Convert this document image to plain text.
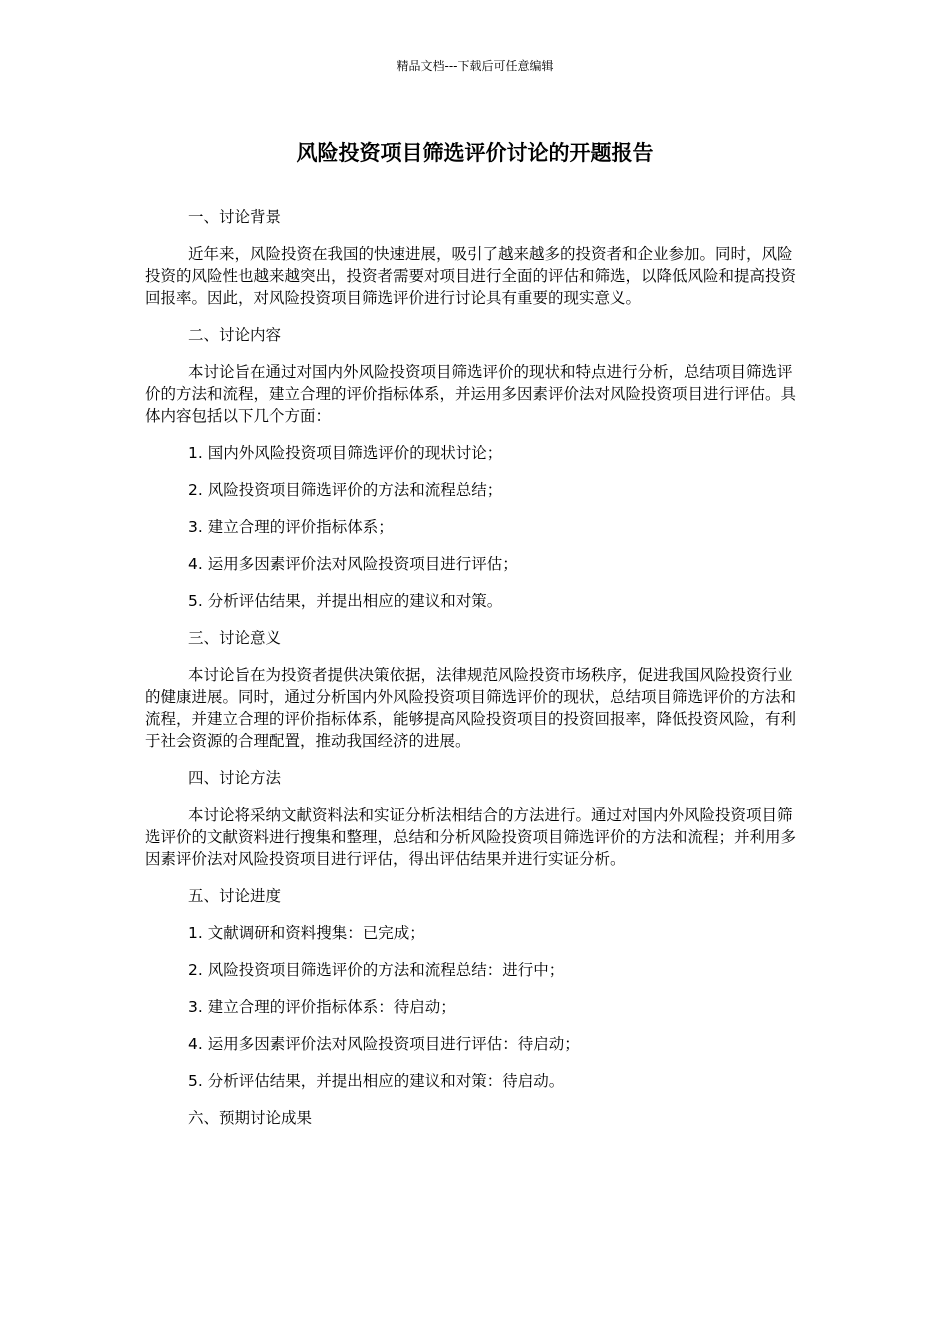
精品文档---下载后可任意编辑
风险投资项目筛选评价讨论的开题报告

一、讨论背景

近年来，风险投资在我国的快速进展，吸引了越来越多的投资者和企业参加。同时，风险投资的风险性也越来越突出，投资者需要对项目进行全面的评估和筛选，以降低风险和提高投资回报率。因此，对风险投资项目筛选评价进行讨论具有重要的现实意义。

二、讨论内容

本讨论旨在通过对国内外风险投资项目筛选评价的现状和特点进行分析，总结项目筛选评价的方法和流程，建立合理的评价指标体系，并运用多因素评价法对风险投资项目进行评估。具体内容包括以下几个方面：

1. 国内外风险投资项目筛选评价的现状讨论；

2. 风险投资项目筛选评价的方法和流程总结；

3. 建立合理的评价指标体系；

4. 运用多因素评价法对风险投资项目进行评估；

5. 分析评估结果，并提出相应的建议和对策。

三、讨论意义

本讨论旨在为投资者提供决策依据，法律规范风险投资市场秩序，促进我国风险投资行业的健康进展。同时，通过分析国内外风险投资项目筛选评价的现状，总结项目筛选评价的方法和流程，并建立合理的评价指标体系，能够提高风险投资项目的投资回报率，降低投资风险，有利于社会资源的合理配置，推动我国经济的进展。

四、讨论方法

本讨论将采纳文献资料法和实证分析法相结合的方法进行。通过对国内外风险投资项目筛选评价的文献资料进行搜集和整理，总结和分析风险投资项目筛选评价的方法和流程；并利用多因素评价法对风险投资项目进行评估，得出评估结果并进行实证分析。

五、讨论进度

1. 文献调研和资料搜集：已完成；

2. 风险投资项目筛选评价的方法和流程总结：进行中；

3. 建立合理的评价指标体系：待启动；

4. 运用多因素评价法对风险投资项目进行评估：待启动；

5. 分析评估结果，并提出相应的建议和对策：待启动。

六、预期讨论成果
